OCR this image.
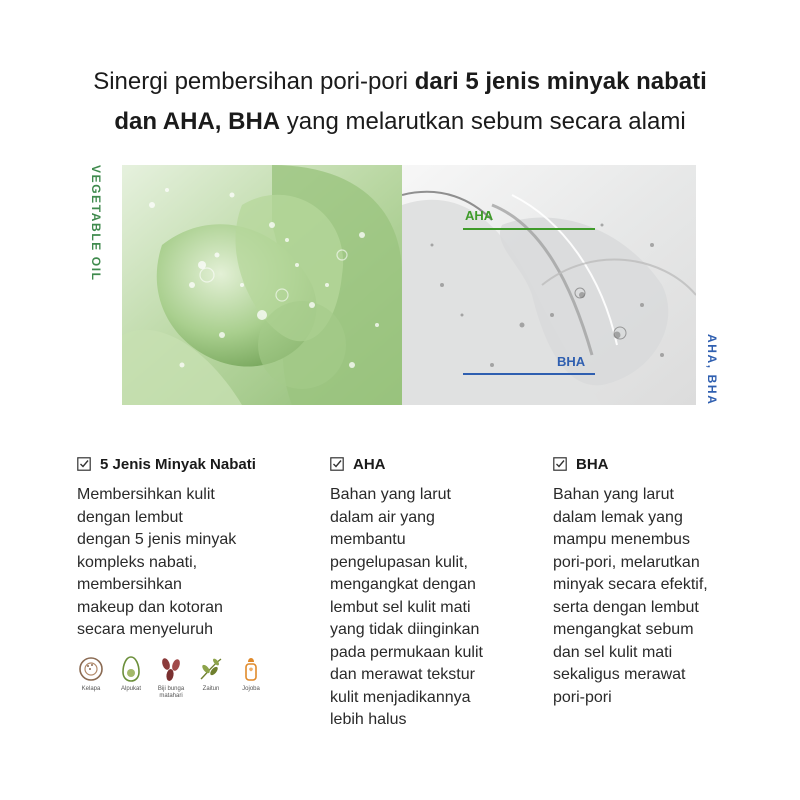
Sinergi pembersihan pori-pori dari 5 jenis minyak nabati
dan AHA, BHA yang melarutkan sebum secara alami
VEGETABLE OIL	AHA
BHA	AHA, BHA
5 Jenis Minyak Nabati
Membersihkan kulit
dengan lembut
dengan 5 jenis minyak
kompleks nabati,
membersihkan
makeup dan kotoran
secara menyeluruh
AHA
Bahan yang larut
dalam air yang
membantu
pengelupasan kulit,
mengangkat dengan
lembut sel kulit mati
yang tidak diinginkan
pada permukaan kulit
dan merawat tekstur
kulit menjadikannya
lebih halus
BHA
Bahan yang larut
dalam lemak yang
mampu menembus
pori-pori, melarutkan
minyak secara efektif,
serta dengan lembut
mengangkat sebum
dan sel kulit mati
sekaligus merawat
pori-pori
Kelapa	Alpukat	Biji bunga matahari
Zaitun	Jojoba
